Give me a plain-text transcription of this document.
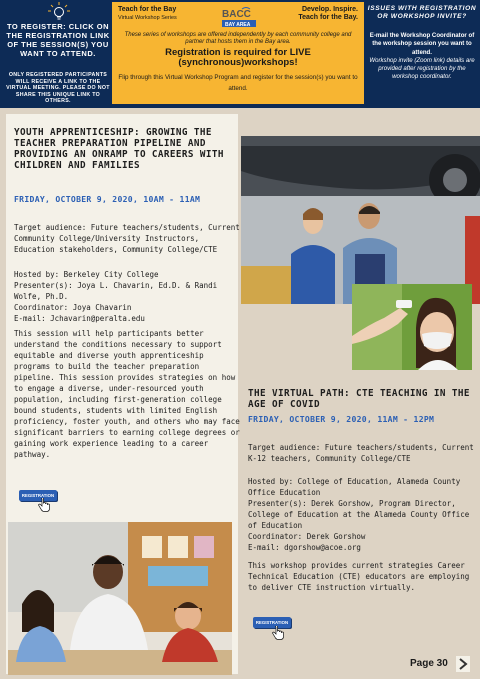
TO REGISTER: CLICK ON THE REGISTRATION LINK OF THE SESSION(S) YOU WANT TO ATTEND.
ONLY REGISTERED PARTICIPANTS WILL RECEIVE A LINK TO THE VIRTUAL MEETING. PLEASE DO NOT SHARE THIS UNIQUE LINK TO OTHERS.
Teach for the Bay
Virtual Workshop Series	BACC
BAY AREA
Develop. Inspire.
Teach for the Bay.
These series of workshops are offered independently by each community college and partner that hosts them in the Bay area.
Registration is required for LIVE (synchronous)workshops!
Flip through this Virtual Workshop Program and register for the session(s) you want to attend.
ISSUES WITH REGISTRATION OR WORKSHOP INVITE?
E-mail the Workshop Coordinator of the workshop session you want to attend.
Workshop invite (Zoom link) details are provided after registration by the workshop coordinator.
YOUTH APPRENTICESHIP: GROWING THE TEACHER PREPARATION PIPELINE AND PROVIDING AN ONRAMP TO CAREERS WITH CHILDREN AND FAMILIES
FRIDAY, OCTOBER 9, 2020, 10AM - 11AM
Target audience: Future teachers/students, Current Community College/University Instructors, Education stakeholders, Community College/CTE
Hosted by: Berkeley City College
Presenter(s): Joya L. Chavarin, Ed.D. & Randi Wolfe, Ph.D.
Coordinator: Joya Chavarin
E-mail: Jchavarin@peralta.edu
This session will help participants better understand the conditions necessary to support equitable and diverse youth apprenticeship programs to build the teacher preparation pipeline. This session provides strategies on how to engage a diverse, under-resourced youth population, including first-generation college bound students, students with limited English proficiency, foster youth, and others who may face significant barriers to earning college degrees or gaining work experience leading to a career pathway.
REGISTRATION
THE VIRTUAL PATH: CTE TEACHING IN THE AGE OF COVID
FRIDAY, OCTOBER 9, 2020, 11AM - 12PM
Target audience: Future teachers/students, Current K-12 teachers, Community College/CTE
Hosted by: College of Education, Alameda County Office Education
Presenter(s): Derek Gorshow, Program Director, College of Education at the Alameda County Office of Education
Coordinator: Derek Gorshow
E-mail: dgorshow@acoe.org
This workshop provides current strategies Career Technical Education (CTE) educators are employing to deliver CTE instruction virtually.
REGISTRATION
Page 30
